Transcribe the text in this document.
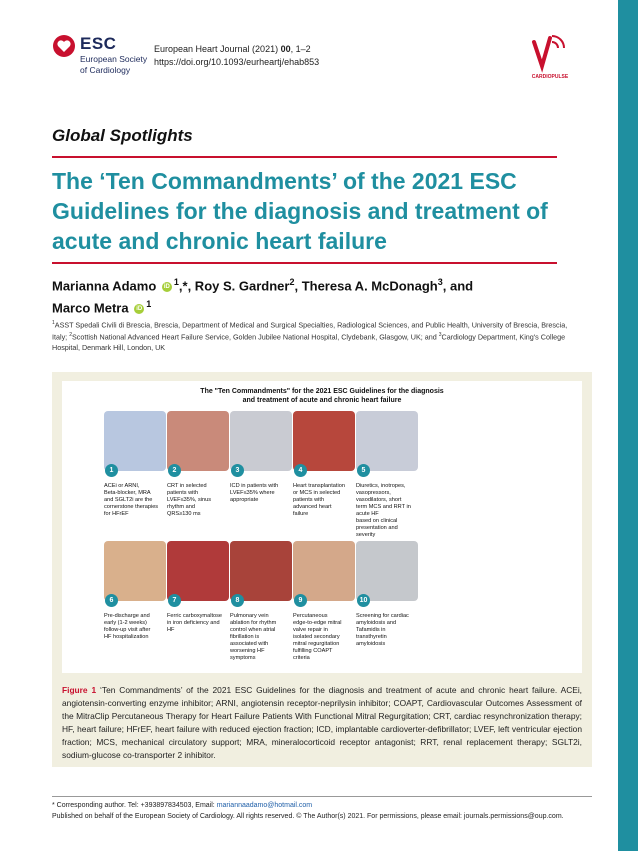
ESC
European Society
of Cardiology
European Heart Journal (2021) 00, 1–2
https://doi.org/10.1093/eurheartj/ehab853
CARDIOPULSE
Global Spotlights
The ‘Ten Commandments’ of the 2021 ESC Guidelines for the diagnosis and treatment of acute and chronic heart failure
Marianna Adamo iD $^1$,*, Roy S. Gardner$^2$, Theresa A. McDonagh$^3$, and
Marco Metra iD $^1$
$^1$ASST Spedali Civili di Brescia, Brescia, Department of Medical and Surgical Specialties, Radiological Sciences, and Public Health, University of Brescia, Brescia, Italy; $^2$Scottish National Advanced Heart Failure Service, Golden Jubilee National Hospital, Clydebank, Glasgow, UK; and $^3$Cardiology Department, King's College Hospital, Denmark Hill, London, UK
The "Ten Commandments" for the 2021 ESC Guidelines for the diagnosis
and treatment of acute and chronic heart failure
1
ACEi or ARNI,
Beta-blocker, MRA
and SGLT2i are the
cornerstone therapies
for HFrEF
2
CRT in selected
patients with
LVEF≤35%, sinus
rhythm and
QRS≥130 ms
3
ICD in patients with
LVEF≤35% where
appropriate
4
Heart transplantation
or MCS in selected
patients with
advanced heart
failure
5
Diuretics, inotropes,
vasopressors,
vasodilators, short
term MCS and RRT in
acute HF
based on clinical
presentation and
severity
6
Pre-discharge and
early (1-2 weeks)
follow-up visit after
HF hospitalization
7
Ferric carboxymaltose
in iron deficiency and
HF
8
Pulmonary vein
ablation for rhythm
control when atrial
fibrillation is
associated with
worsening HF
symptoms
9
Percutaneous
edge-to-edge mitral
valve repair in
isolated secondary
mitral regurgitation
fulfilling COAPT
criteria
10
Screening for cardiac
amyloidosis and
Tafamidis in
transthyretin
amyloidosis
Figure 1 ‘Ten Commandments’ of the 2021 ESC Guidelines for the diagnosis and treatment of acute and chronic heart failure. ACEi, angiotensin-converting enzyme inhibitor; ARNI, angiotensin receptor-neprilysin inhibitor; COAPT, Cardiovascular Outcomes Assessment of the MitraClip Percutaneous Therapy for Heart Failure Patients With Functional Mitral Regurgitation; CRT, cardiac resynchronization therapy; HF, heart failure; HFrEF, heart failure with reduced ejection fraction; ICD, implantable cardioverter-defibrillator; LVEF, left ventricular ejection fraction; MCS, mechanical circulatory support; MRA, mineralocorticoid receptor antagonist; RRT, renal replacement therapy; SGLT2i, sodium-glucose co-transporter 2 inhibitor.
* Corresponding author. Tel: +393897834503, Email: mariannaadamo@hotmail.com
Published on behalf of the European Society of Cardiology. All rights reserved. © The Author(s) 2021. For permissions, please email: journals.permissions@oup.com.
